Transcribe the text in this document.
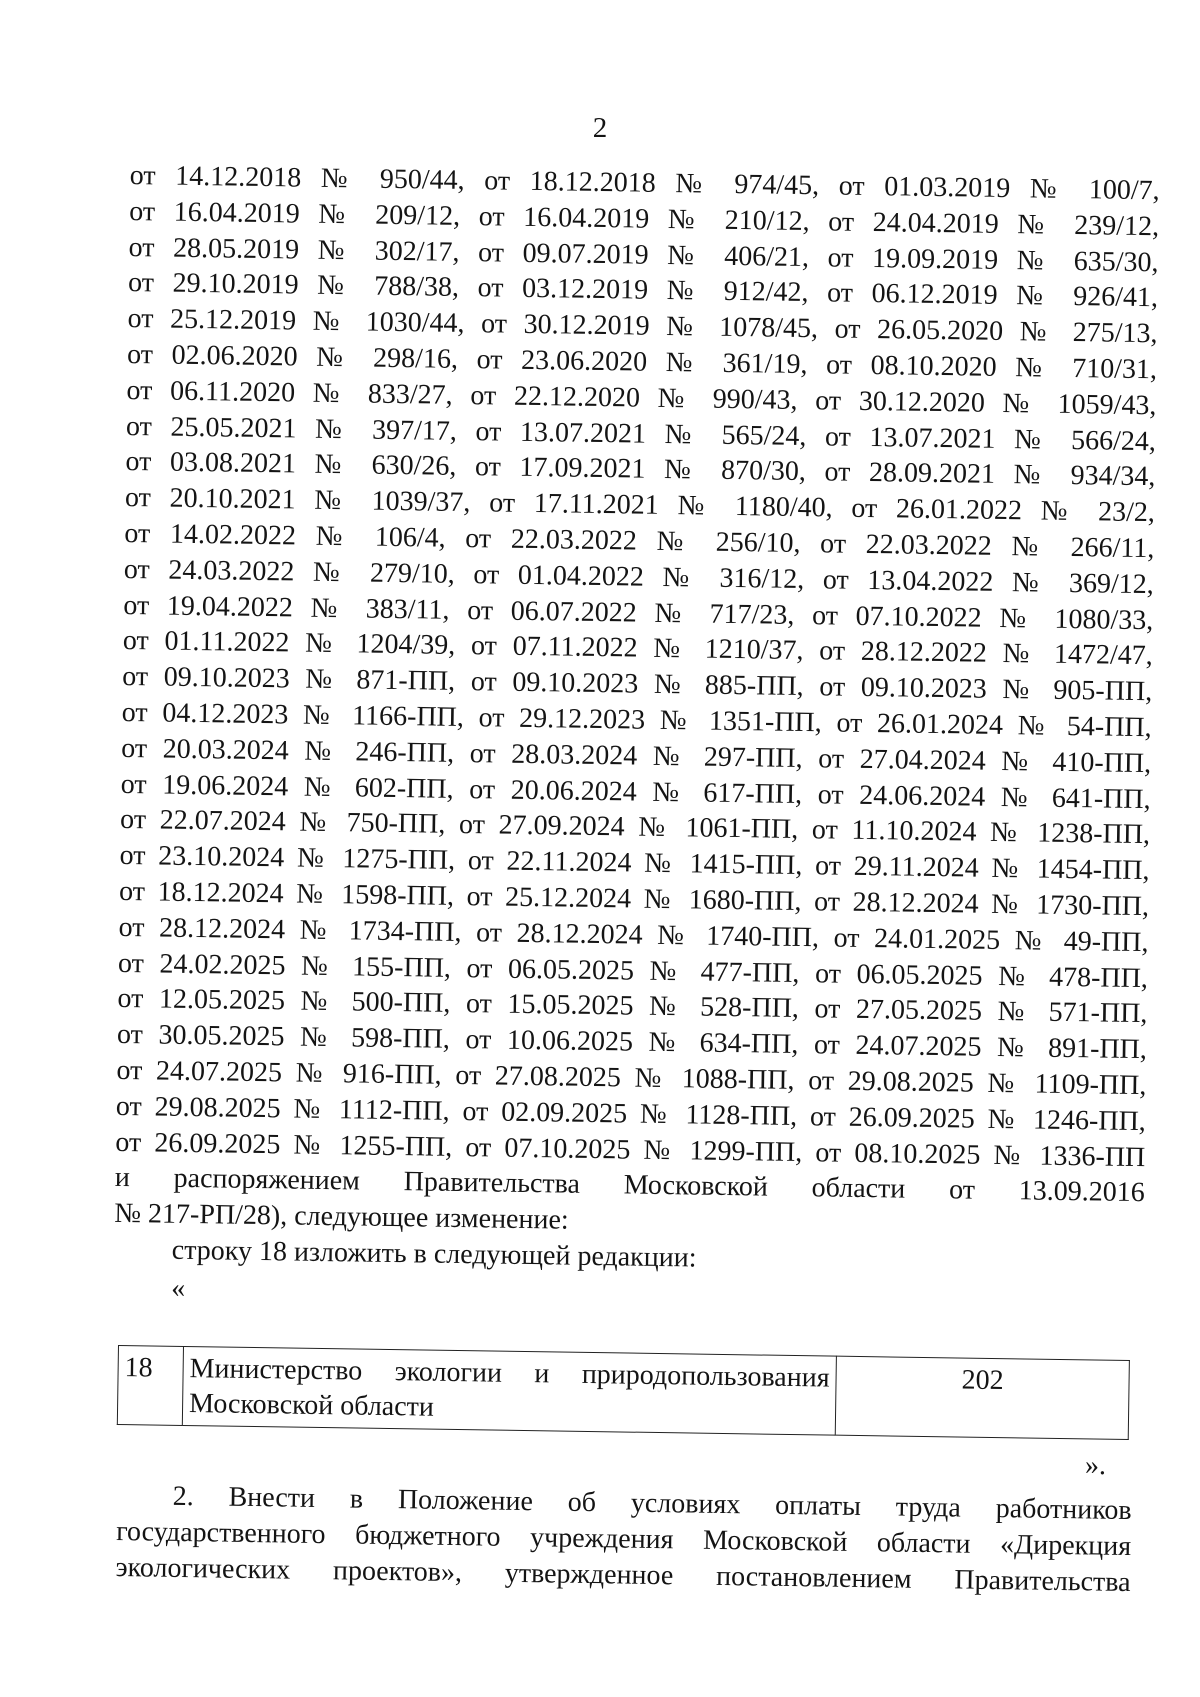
2
от 14.12.2018 № 950/44, от 18.12.2018 № 974/45, от 01.03.2019 № 100/7,
от 16.04.2019 № 209/12, от 16.04.2019 № 210/12, от 24.04.2019 № 239/12,
от 28.05.2019 № 302/17, от 09.07.2019 № 406/21, от 19.09.2019 № 635/30,
от 29.10.2019 № 788/38, от 03.12.2019 № 912/42, от 06.12.2019 № 926/41,
от 25.12.2019 № 1030/44, от 30.12.2019 № 1078/45, от 26.05.2020 № 275/13,
от 02.06.2020 № 298/16, от 23.06.2020 № 361/19, от 08.10.2020 № 710/31,
от 06.11.2020 № 833/27, от 22.12.2020 № 990/43, от 30.12.2020 № 1059/43,
от 25.05.2021 № 397/17, от 13.07.2021 № 565/24, от 13.07.2021 № 566/24,
от 03.08.2021 № 630/26, от 17.09.2021 № 870/30, от 28.09.2021 № 934/34,
от 20.10.2021 № 1039/37, от 17.11.2021 № 1180/40, от 26.01.2022 № 23/2,
от 14.02.2022 № 106/4, от 22.03.2022 № 256/10, от 22.03.2022 № 266/11,
от 24.03.2022 № 279/10, от 01.04.2022 № 316/12, от 13.04.2022 № 369/12,
от 19.04.2022 № 383/11, от 06.07.2022 № 717/23, от 07.10.2022 № 1080/33,
от 01.11.2022 № 1204/39, от 07.11.2022 № 1210/37, от 28.12.2022 № 1472/47,
от 09.10.2023 № 871-ПП, от 09.10.2023 № 885-ПП, от 09.10.2023 № 905-ПП,
от 04.12.2023 № 1166-ПП, от 29.12.2023 № 1351-ПП, от 26.01.2024 № 54-ПП,
от 20.03.2024 № 246-ПП, от 28.03.2024 № 297-ПП, от 27.04.2024 № 410-ПП,
от 19.06.2024 № 602-ПП, от 20.06.2024 № 617-ПП, от 24.06.2024 № 641-ПП,
от 22.07.2024 № 750-ПП, от 27.09.2024 № 1061-ПП, от 11.10.2024 № 1238-ПП,
от 23.10.2024 № 1275-ПП, от 22.11.2024 № 1415-ПП, от 29.11.2024 № 1454-ПП,
от 18.12.2024 № 1598-ПП, от 25.12.2024 № 1680-ПП, от 28.12.2024 № 1730-ПП,
от 28.12.2024 № 1734-ПП, от 28.12.2024 № 1740-ПП, от 24.01.2025 № 49-ПП,
от 24.02.2025 № 155-ПП, от 06.05.2025 № 477-ПП, от 06.05.2025 № 478-ПП,
от 12.05.2025 № 500-ПП, от 15.05.2025 № 528-ПП, от 27.05.2025 № 571-ПП,
от 30.05.2025 № 598-ПП, от 10.06.2025 № 634-ПП, от 24.07.2025 № 891-ПП,
от 24.07.2025 № 916-ПП, от 27.08.2025 № 1088-ПП, от 29.08.2025 № 1109-ПП,
от 29.08.2025 № 1112-ПП, от 02.09.2025 № 1128-ПП, от 26.09.2025 № 1246-ПП,
от 26.09.2025 № 1255-ПП, от 07.10.2025 № 1299-ПП, от 08.10.2025 № 1336-ПП
и распоряжением Правительства Московской области от 13.09.2016
№ 217-РП/28), следующее изменение:
строку 18 изложить в следующей редакции:
«
18	Министерство экологии и природопользования Московской области	202
».
2. Внести в Положение об условиях оплаты труда работников
государственного бюджетного учреждения Московской области «Дирекция
экологических проектов», утвержденное постановлением Правительства
